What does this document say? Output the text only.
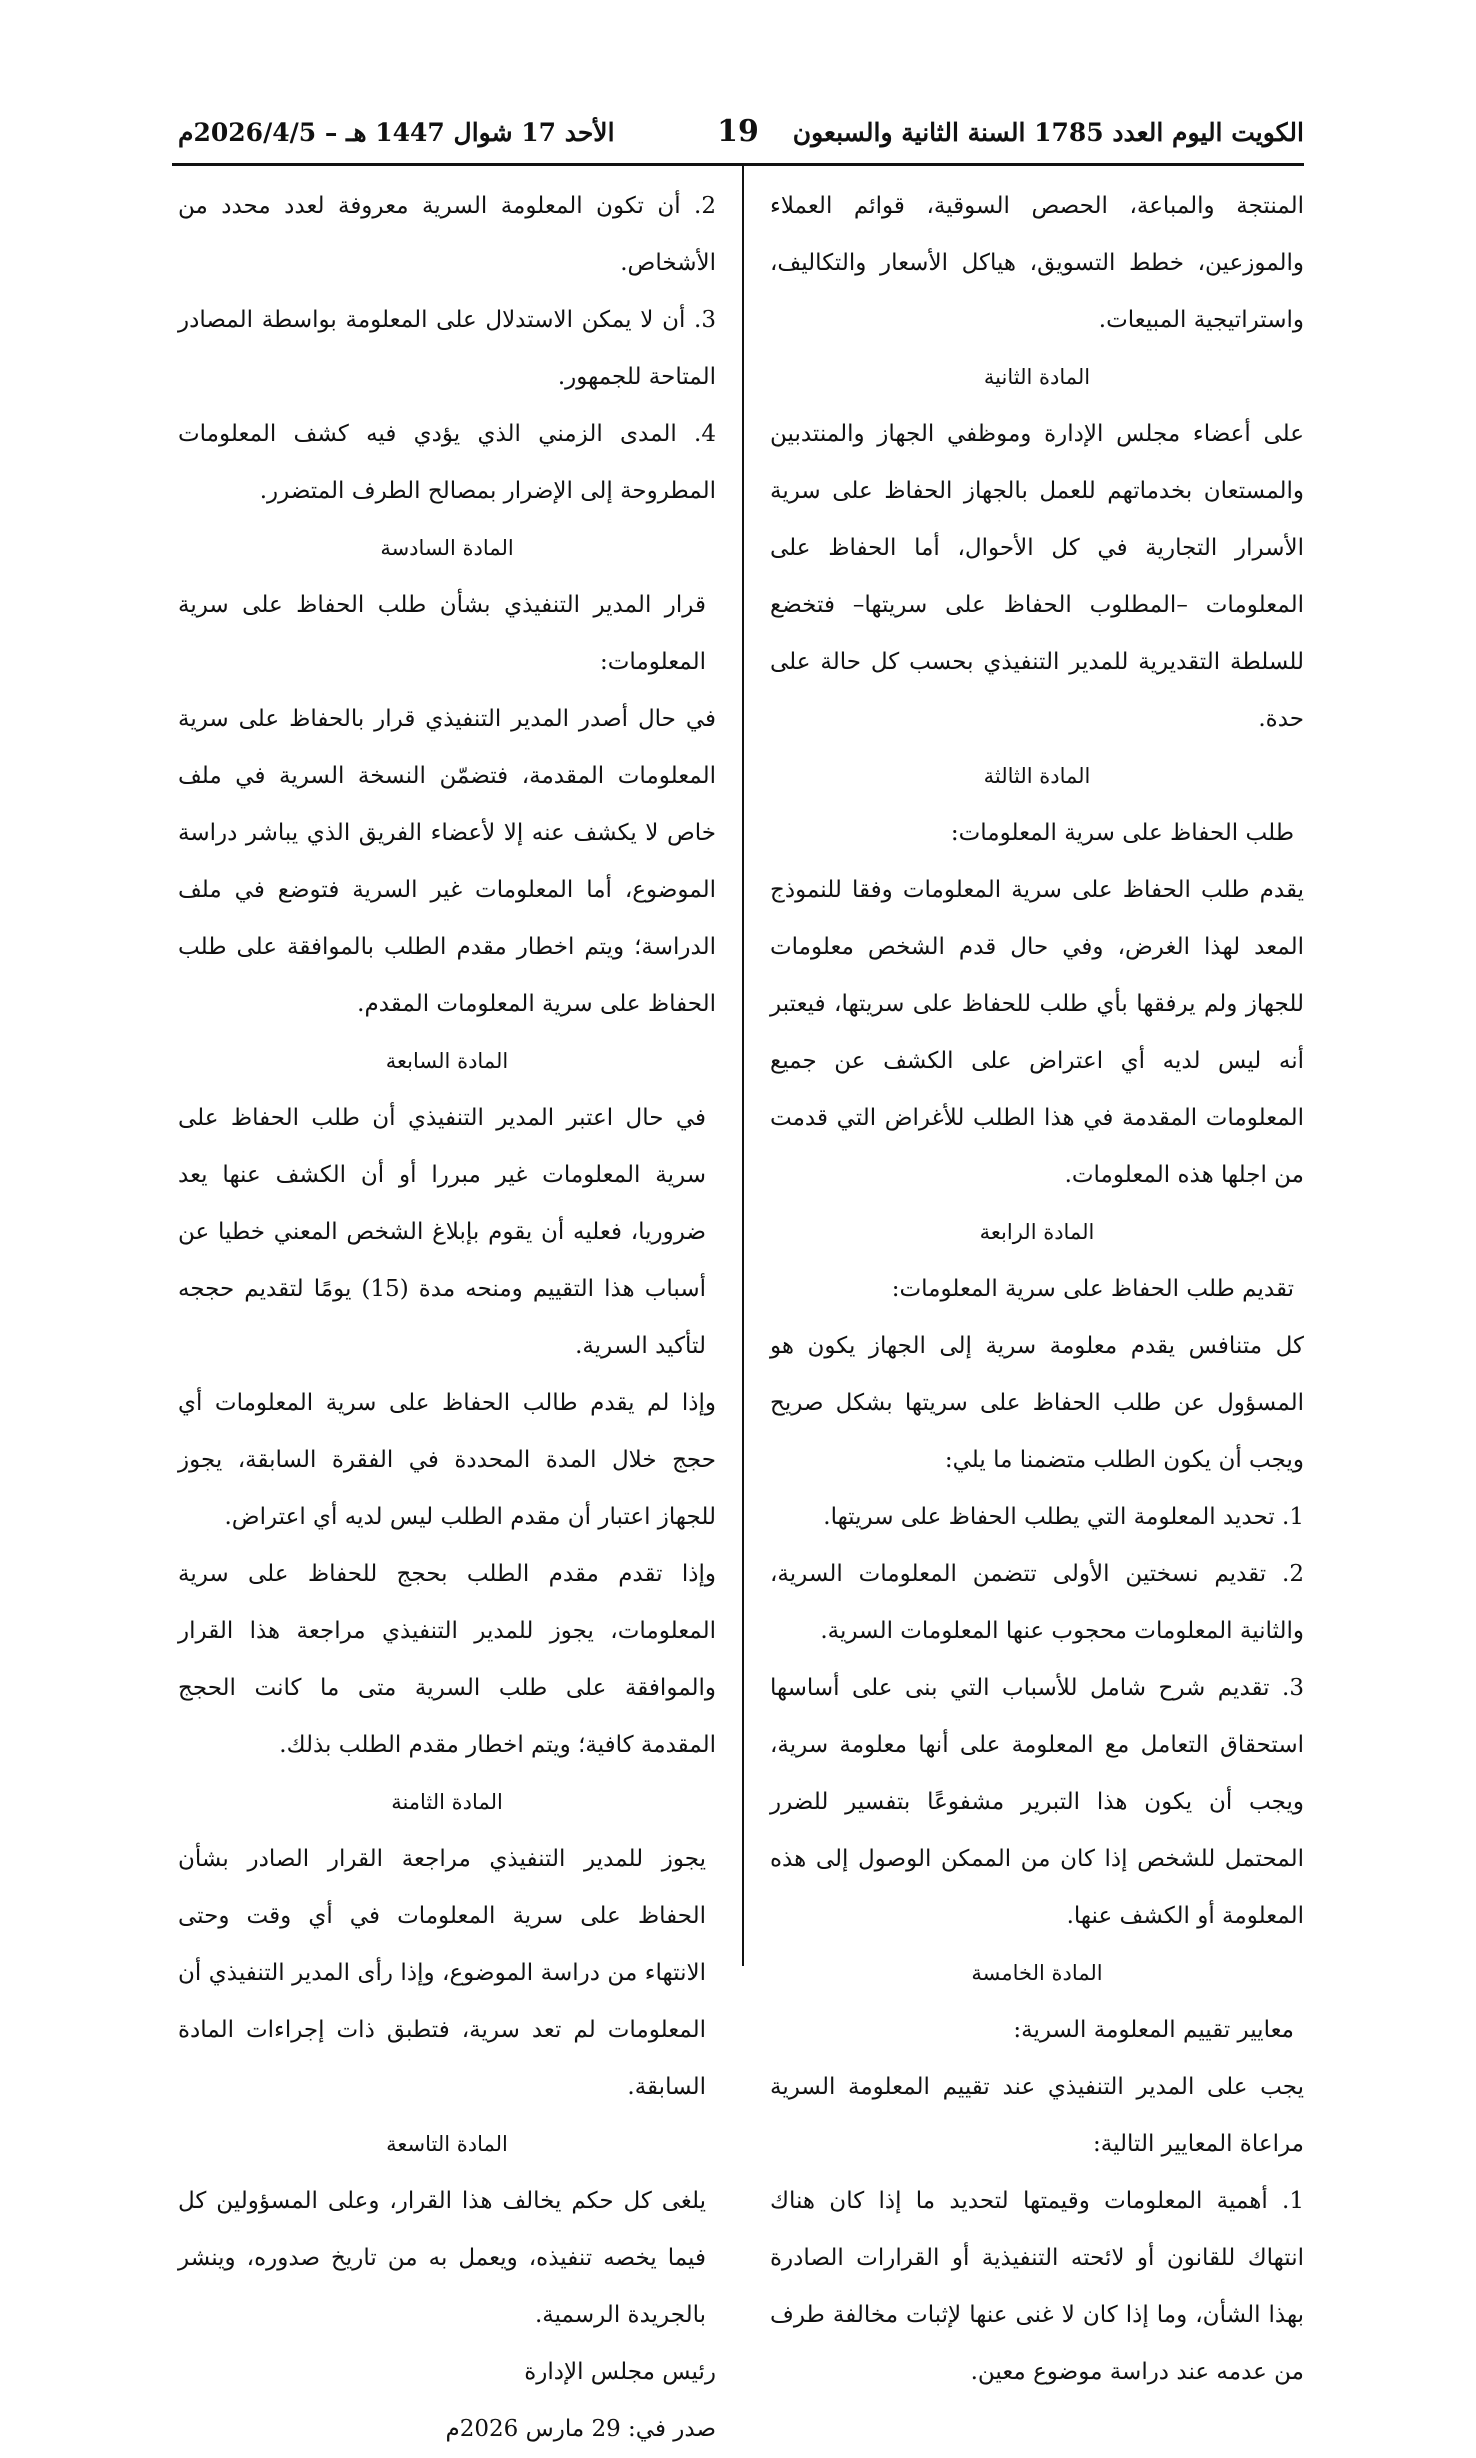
الكويت اليوم العدد 1785 السنة الثانية والسبعون
19
الأحد 17 شوال 1447 هـ – 2026/4/5م

المنتجة والمباعة، الحصص السوقية، قوائم العملاء والموزعين، خطط التسويق، هياكل الأسعار والتكاليف، واستراتيجية المبيعات.

المادة الثانية

على أعضاء مجلس الإدارة وموظفي الجهاز والمنتدبين والمستعان بخدماتهم للعمل بالجهاز الحفاظ على سرية الأسرار التجارية في كل الأحوال، أما الحفاظ على المعلومات –المطلوب الحفاظ على سريتها– فتخضع للسلطة التقديرية للمدير التنفيذي بحسب كل حالة على حدة.

المادة الثالثة

طلب الحفاظ على سرية المعلومات:

يقدم طلب الحفاظ على سرية المعلومات وفقا للنموذج المعد لهذا الغرض، وفي حال قدم الشخص معلومات للجهاز ولم يرفقها بأي طلب للحفاظ على سريتها، فيعتبر أنه ليس لديه أي اعتراض على الكشف عن جميع المعلومات المقدمة في هذا الطلب للأغراض التي قدمت من اجلها هذه المعلومات.

المادة الرابعة

تقديم طلب الحفاظ على سرية المعلومات:

كل متنافس يقدم معلومة سرية إلى الجهاز يكون هو المسؤول عن طلب الحفاظ على سريتها بشكل صريح ويجب أن يكون الطلب متضمنا ما يلي:

1. تحديد المعلومة التي يطلب الحفاظ على سريتها.

2. تقديم نسختين الأولى تتضمن المعلومات السرية، والثانية المعلومات محجوب عنها المعلومات السرية.

3. تقديم شرح شامل للأسباب التي بنى على أساسها استحقاق التعامل مع المعلومة على أنها معلومة سرية، ويجب أن يكون هذا التبرير مشفوعًا بتفسير للضرر المحتمل للشخص إذا كان من الممكن الوصول إلى هذه المعلومة أو الكشف عنها.

المادة الخامسة

معايير تقييم المعلومة السرية:

يجب على المدير التنفيذي عند تقييم المعلومة السرية مراعاة المعايير التالية:

1. أهمية المعلومات وقيمتها لتحديد ما إذا كان هناك انتهاك للقانون أو لائحته التنفيذية أو القرارات الصادرة بهذا الشأن، وما إذا كان لا غنى عنها لإثبات مخالفة طرف من عدمه عند دراسة موضوع معين.

2. أن تكون المعلومة السرية معروفة لعدد محدد من الأشخاص.

3. أن لا يمكن الاستدلال على المعلومة بواسطة المصادر المتاحة للجمهور.

4. المدى الزمني الذي يؤدي فيه كشف المعلومات المطروحة إلى الإضرار بمصالح الطرف المتضرر.

المادة السادسة

قرار المدير التنفيذي بشأن طلب الحفاظ على سرية المعلومات:

في حال أصدر المدير التنفيذي قرار بالحفاظ على سرية المعلومات المقدمة، فتضمّن النسخة السرية في ملف خاص لا يكشف عنه إلا لأعضاء الفريق الذي يباشر دراسة الموضوع، أما المعلومات غير السرية فتوضع في ملف الدراسة؛ ويتم اخطار مقدم الطلب بالموافقة على طلب الحفاظ على سرية المعلومات المقدم.

المادة السابعة

في حال اعتبر المدير التنفيذي أن طلب الحفاظ على سرية المعلومات غير مبررا أو أن الكشف عنها يعد ضروريا، فعليه أن يقوم بإبلاغ الشخص المعني خطيا عن أسباب هذا التقييم ومنحه مدة (15) يومًا لتقديم حججه لتأكيد السرية.

وإذا لم يقدم طالب الحفاظ على سرية المعلومات أي حجج خلال المدة المحددة في الفقرة السابقة، يجوز للجهاز اعتبار أن مقدم الطلب ليس لديه أي اعتراض.

وإذا تقدم مقدم الطلب بحجج للحفاظ على سرية المعلومات، يجوز للمدير التنفيذي مراجعة هذا القرار والموافقة على طلب السرية متى ما كانت الحجج المقدمة كافية؛ ويتم اخطار مقدم الطلب بذلك.

المادة الثامنة

يجوز للمدير التنفيذي مراجعة القرار الصادر بشأن الحفاظ على سرية المعلومات في أي وقت وحتى الانتهاء من دراسة الموضوع، وإذا رأى المدير التنفيذي أن المعلومات لم تعد سرية، فتطبق ذات إجراءات المادة السابقة.

المادة التاسعة

يلغى كل حكم يخالف هذا القرار، وعلى المسؤولين كل فيما يخصه تنفيذه، ويعمل به من تاريخ صدوره، وينشر بالجريدة الرسمية.

رئيس مجلس الإدارة

صدر في: 29 مارس 2026م
